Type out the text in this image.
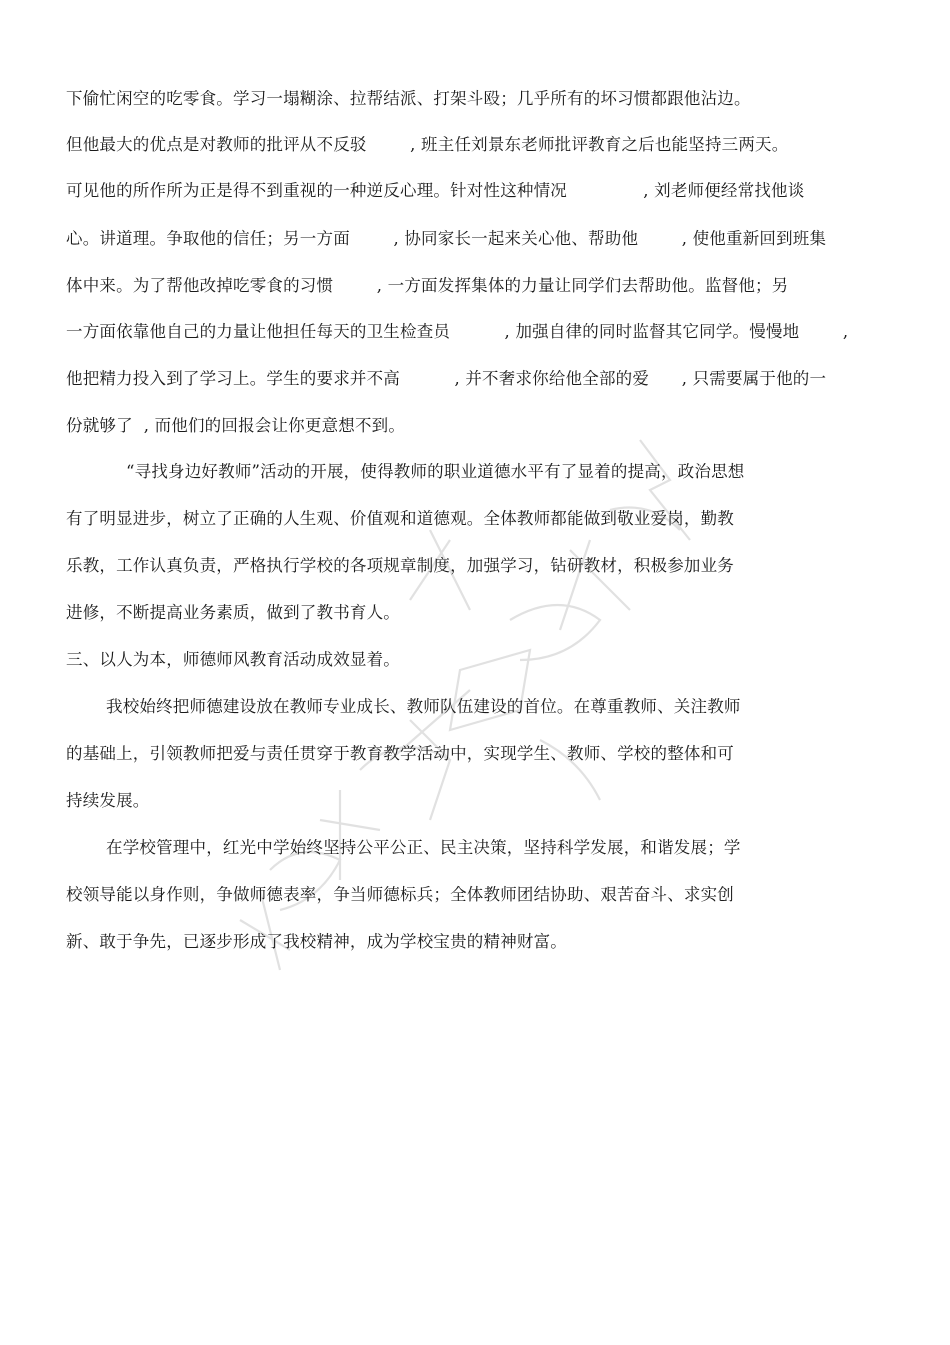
下偷忙闲空的吃零食。学习一塌糊涂、拉帮结派、打架斗殴；几乎所有的坏习惯都跟他沾边。
但他最大的优点是对教师的批评从不反驳        , 班主任刘景东老师批评教育之后也能坚持三两天。
可见他的所作所为正是得不到重视的一种逆反心理。针对性这种情况              , 刘老师便经常找他谈
心。讲道理。争取他的信任；另一方面        , 协同家长一起来关心他、帮助他        , 使他重新回到班集
体中来。为了帮他改掉吃零食的习惯        , 一方面发挥集体的力量让同学们去帮助他。监督他；另
一方面依靠他自己的力量让他担任每天的卫生检查员          , 加强自律的同时监督其它同学。慢慢地        ,
他把精力投入到了学习上。学生的要求并不高          , 并不奢求你给他全部的爱      , 只需要属于他的一
份就够了  , 而他们的回报会让你更意想不到。
“寻找身边好教师”活动的开展，使得教师的职业道德水平有了显着的提高，政治思想
有了明显进步，树立了正确的人生观、价值观和道德观。全体教师都能做到敬业爱岗，勤教
乐教，工作认真负责，严格执行学校的各项规章制度，加强学习，钻研教材，积极参加业务
进修，不断提高业务素质，做到了教书育人。
三、以人为本，师德师风教育活动成效显着。
我校始终把师德建设放在教师专业成长、教师队伍建设的首位。在尊重教师、关注教师
的基础上，引领教师把爱与责任贯穿于教育教学活动中，实现学生、教师、学校的整体和可
持续发展。
在学校管理中，红光中学始终坚持公平公正、民主决策，坚持科学发展，和谐发展；学
校领导能以身作则，争做师德表率，争当师德标兵；全体教师团结协助、艰苦奋斗、求实创
新、敢于争先，已逐步形成了我校精神，成为学校宝贵的精神财富。
